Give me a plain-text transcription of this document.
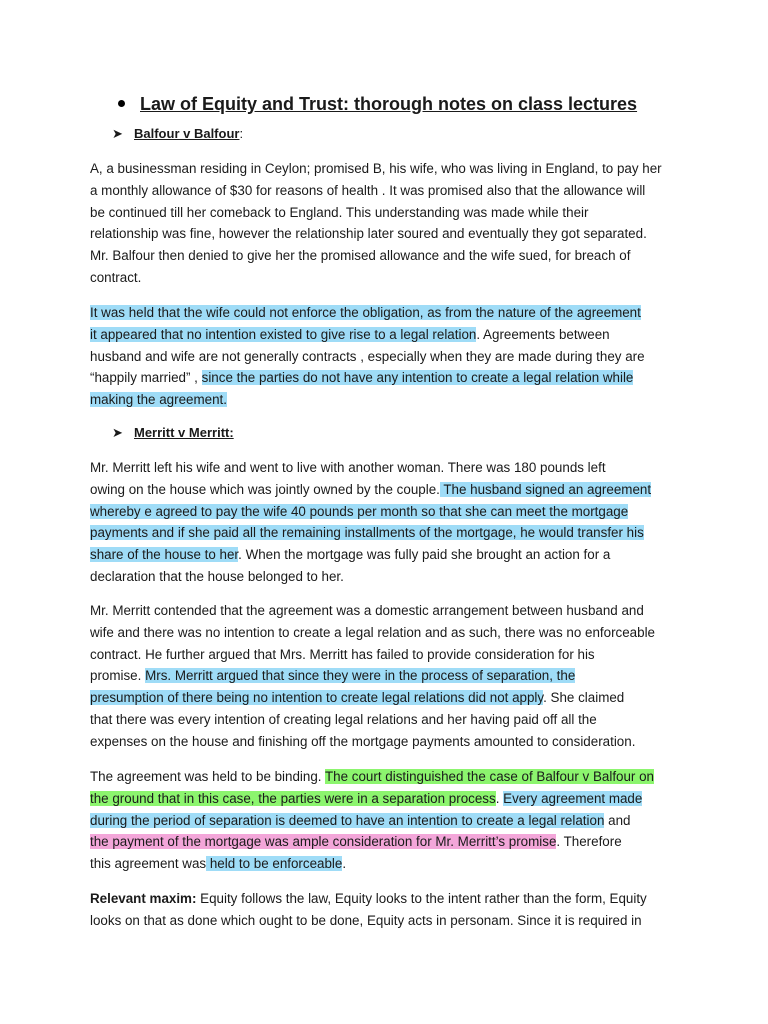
Law of Equity and Trust: thorough notes on class lectures
➤ Balfour v Balfour:
A, a businessman residing in Ceylon; promised B, his wife, who was living in England, to pay her
a monthly allowance of $30 for reasons of health . It was promised also that the allowance will
be continued till her comeback to England. This understanding was made while their
relationship was fine, however the relationship later soured and eventually they got separated.
Mr. Balfour then denied to give her the promised allowance and the wife sued, for breach of
contract.
It was held that the wife could not enforce the obligation, as from the nature of the agreement
it appeared that no intention existed to give rise to a legal relation. Agreements between
husband and wife are not generally contracts , especially when they are made during they are
“happily married” , since the parties do not have any intention to create a legal relation while
making the agreement.
➤ Merritt v Merritt:
Mr. Merritt left his wife and went to live with another woman. There was 180 pounds left
owing on the house which was jointly owned by the couple. The husband signed an agreement
whereby e agreed to pay the wife 40 pounds per month so that she can meet the mortgage
payments and if she paid all the remaining installments of the mortgage, he would transfer his
share of the house to her. When the mortgage was fully paid she brought an action for a
declaration that the house belonged to her.
Mr. Merritt contended that the agreement was a domestic arrangement between husband and
wife and there was no intention to create a legal relation and as such, there was no enforceable
contract. He further argued that Mrs. Merritt has failed to provide consideration for his
promise. Mrs. Merritt argued that since they were in the process of separation, the
presumption of there being no intention to create legal relations did not apply. She claimed
that there was every intention of creating legal relations and her having paid off all the
expenses on the house and finishing off the mortgage payments amounted to consideration.
The agreement was held to be binding. The court distinguished the case of Balfour v Balfour on
the ground that in this case, the parties were in a separation process. Every agreement made
during the period of separation is deemed to have an intention to create a legal relation and
the payment of the mortgage was ample consideration for Mr. Merritt’s promise. Therefore
this agreement was held to be enforceable.
Relevant maxim: Equity follows the law, Equity looks to the intent rather than the form, Equity
looks on that as done which ought to be done, Equity acts in personam. Since it is required in
